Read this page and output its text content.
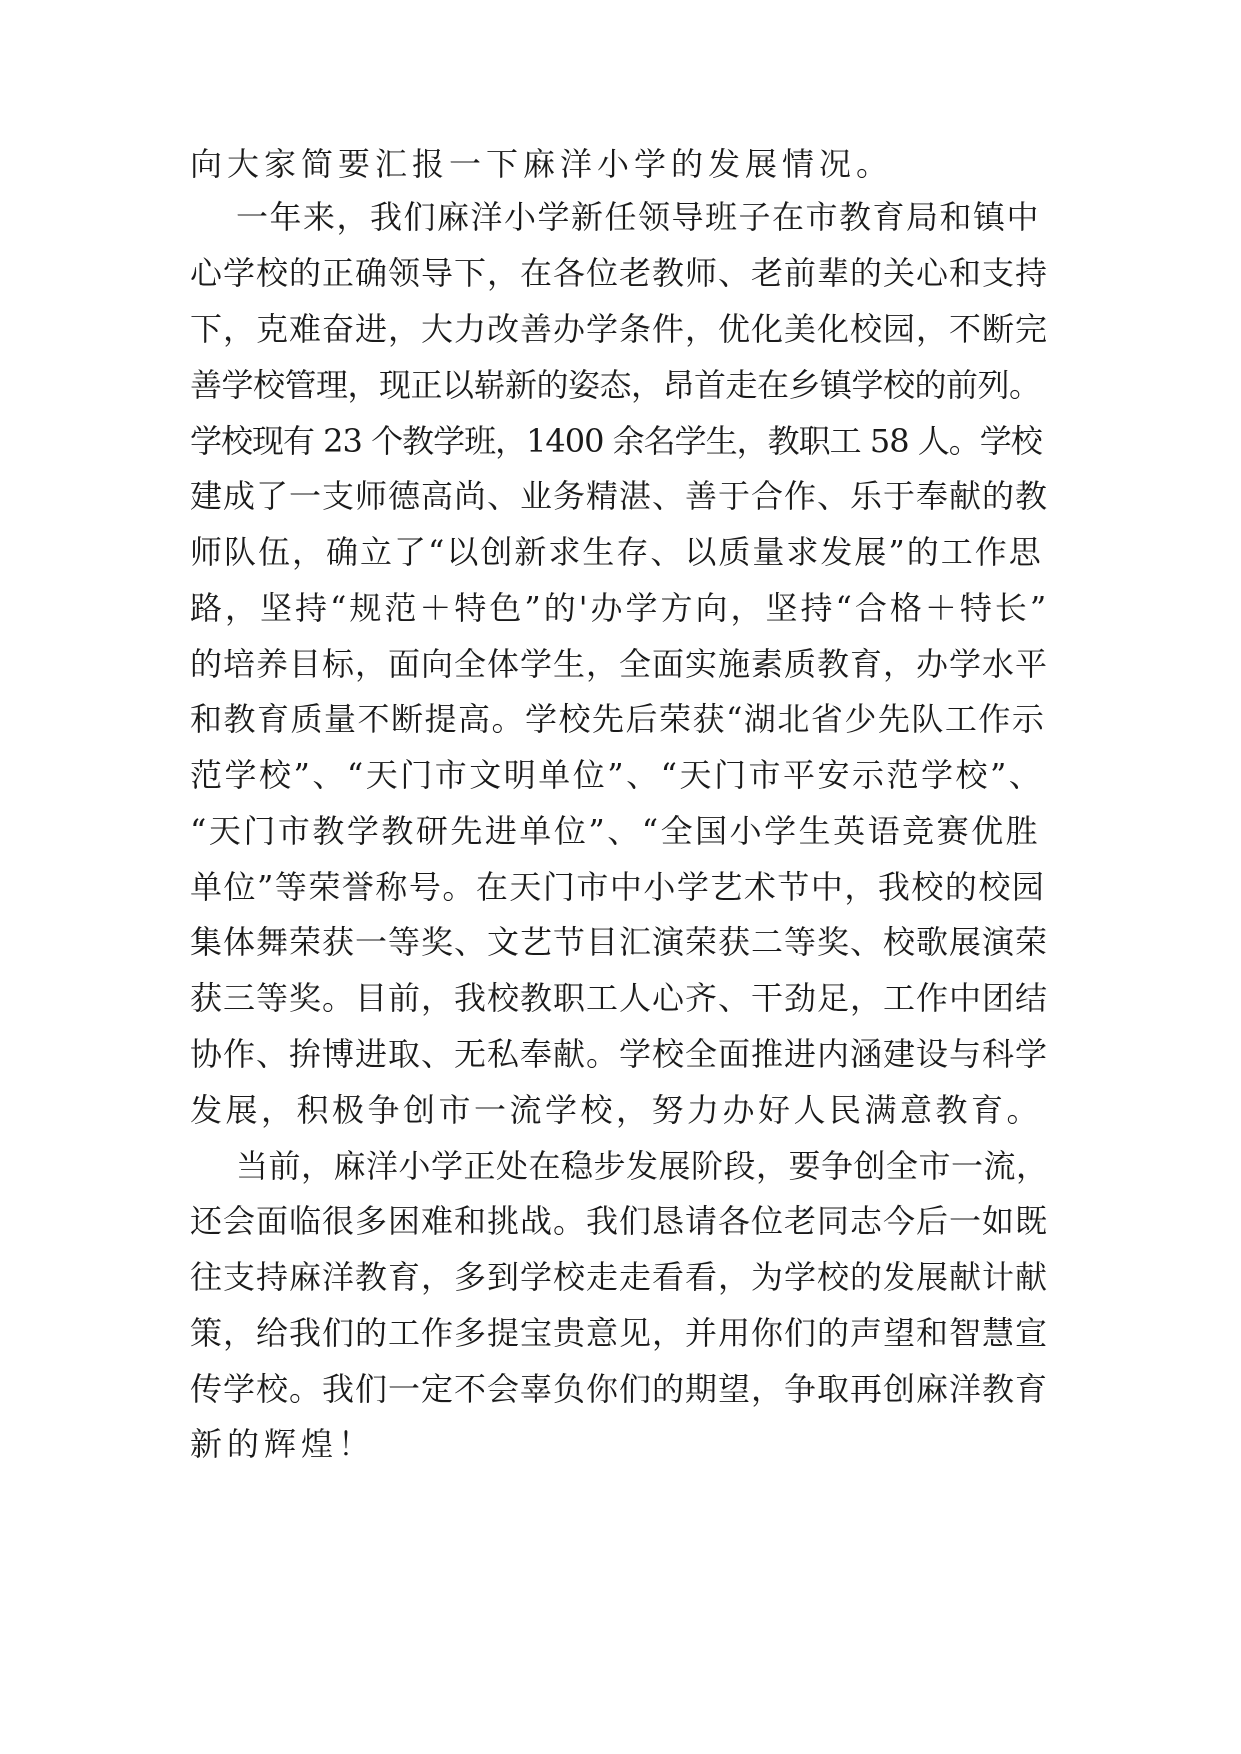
向大家简要汇报一下麻洋小学的发展情况。
一年来，我们麻洋小学新任领导班子在市教育局和镇中
心学校的正确领导下，在各位老教师、老前辈的关心和支持
下，克难奋进，大力改善办学条件，优化美化校园，不断完
善学校管理，现正以崭新的姿态，昂首走在乡镇学校的前列。
学校现有 23 个教学班，1400 余名学生，教职工 58 人。学校
建成了一支师德高尚、业务精湛、善于合作、乐于奉献的教
师队伍，确立了“以创新求生存、以质量求发展”的工作思
路，坚持“规范＋特色”的'办学方向，坚持“合格＋特长”
的培养目标，面向全体学生，全面实施素质教育，办学水平
和教育质量不断提高。学校先后荣获“湖北省少先队工作示
范学校”、“天门市文明单位”、“天门市平安示范学校”、
“天门市教学教研先进单位”、“全国小学生英语竞赛优胜
单位”等荣誉称号。在天门市中小学艺术节中，我校的校园
集体舞荣获一等奖、文艺节目汇演荣获二等奖、校歌展演荣
获三等奖。目前，我校教职工人心齐、干劲足，工作中团结
协作、拚博进取、无私奉献。学校全面推进内涵建设与科学
发展，积极争创市一流学校，努力办好人民满意教育。
当前，麻洋小学正处在稳步发展阶段，要争创全市一流，
还会面临很多困难和挑战。我们恳请各位老同志今后一如既
往支持麻洋教育，多到学校走走看看，为学校的发展献计献
策，给我们的工作多提宝贵意见，并用你们的声望和智慧宣
传学校。我们一定不会辜负你们的期望，争取再创麻洋教育
新的辉煌！
